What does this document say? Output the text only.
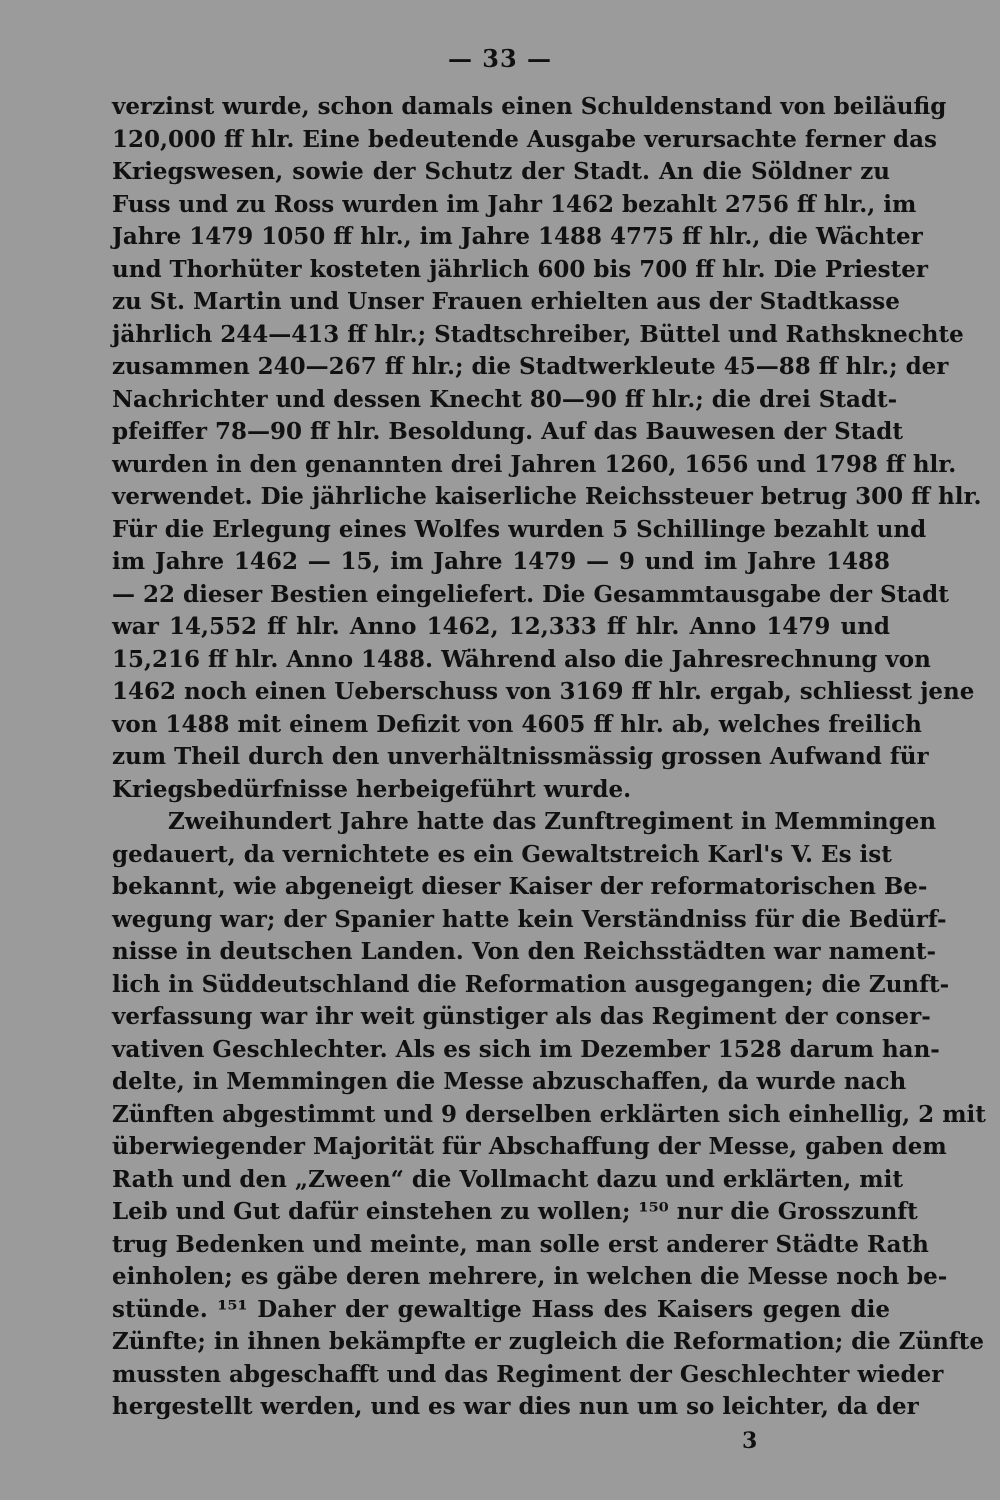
— 33 —
verzinst wurde, schon damals einen Schuldenstand von beiläufig
120,000 ff hlr. Eine bedeutende Ausgabe verursachte ferner das
Kriegswesen, sowie der Schutz der Stadt. An die Söldner zu
Fuss und zu Ross wurden im Jahr 1462 bezahlt 2756 ff hlr., im
Jahre 1479 1050 ff hlr., im Jahre 1488 4775 ff hlr., die Wächter
und Thorhüter kosteten jährlich 600 bis 700 ff hlr. Die Priester
zu St. Martin und Unser Frauen erhielten aus der Stadtkasse
jährlich 244—413 ff hlr.; Stadtschreiber, Büttel und Rathsknechte
zusammen 240—267 ff hlr.; die Stadtwerkleute 45—88 ff hlr.; der
Nachrichter und dessen Knecht 80—90 ff hlr.; die drei Stadt-
pfeiffer 78—90 ff hlr. Besoldung. Auf das Bauwesen der Stadt
wurden in den genannten drei Jahren 1260, 1656 und 1798 ff hlr.
verwendet. Die jährliche kaiserliche Reichssteuer betrug 300 ff hlr.
Für die Erlegung eines Wolfes wurden 5 Schillinge bezahlt und
im Jahre 1462 — 15, im Jahre 1479 — 9 und im Jahre 1488
— 22 dieser Bestien eingeliefert. Die Gesammtausgabe der Stadt
war 14,552 ff hlr. Anno 1462, 12,333 ff hlr. Anno 1479 und
15,216 ff hlr. Anno 1488. Während also die Jahresrechnung von
1462 noch einen Ueberschuss von 3169 ff hlr. ergab, schliesst jene
von 1488 mit einem Defizit von 4605 ff hlr. ab, welches freilich
zum Theil durch den unverhältnissmässig grossen Aufwand für
Kriegsbedürfnisse herbeigeführt wurde.
Zweihundert Jahre hatte das Zunftregiment in Memmingen
gedauert, da vernichtete es ein Gewaltstreich Karl's V. Es ist
bekannt, wie abgeneigt dieser Kaiser der reformatorischen Be-
wegung war; der Spanier hatte kein Verständniss für die Bedürf-
nisse in deutschen Landen. Von den Reichsstädten war nament-
lich in Süddeutschland die Reformation ausgegangen; die Zunft-
verfassung war ihr weit günstiger als das Regiment der conser-
vativen Geschlechter. Als es sich im Dezember 1528 darum han-
delte, in Memmingen die Messe abzuschaffen, da wurde nach
Zünften abgestimmt und 9 derselben erklärten sich einhellig, 2 mit
überwiegender Majorität für Abschaffung der Messe, gaben dem
Rath und den „Zween“ die Vollmacht dazu und erklärten, mit
Leib und Gut dafür einstehen zu wollen; ¹⁵⁰ nur die Grosszunft
trug Bedenken und meinte, man solle erst anderer Städte Rath
einholen; es gäbe deren mehrere, in welchen die Messe noch be-
stünde. ¹⁵¹ Daher der gewaltige Hass des Kaisers gegen die
Zünfte; in ihnen bekämpfte er zugleich die Reformation; die Zünfte
mussten abgeschafft und das Regiment der Geschlechter wieder
hergestellt werden, und es war dies nun um so leichter, da der
3
